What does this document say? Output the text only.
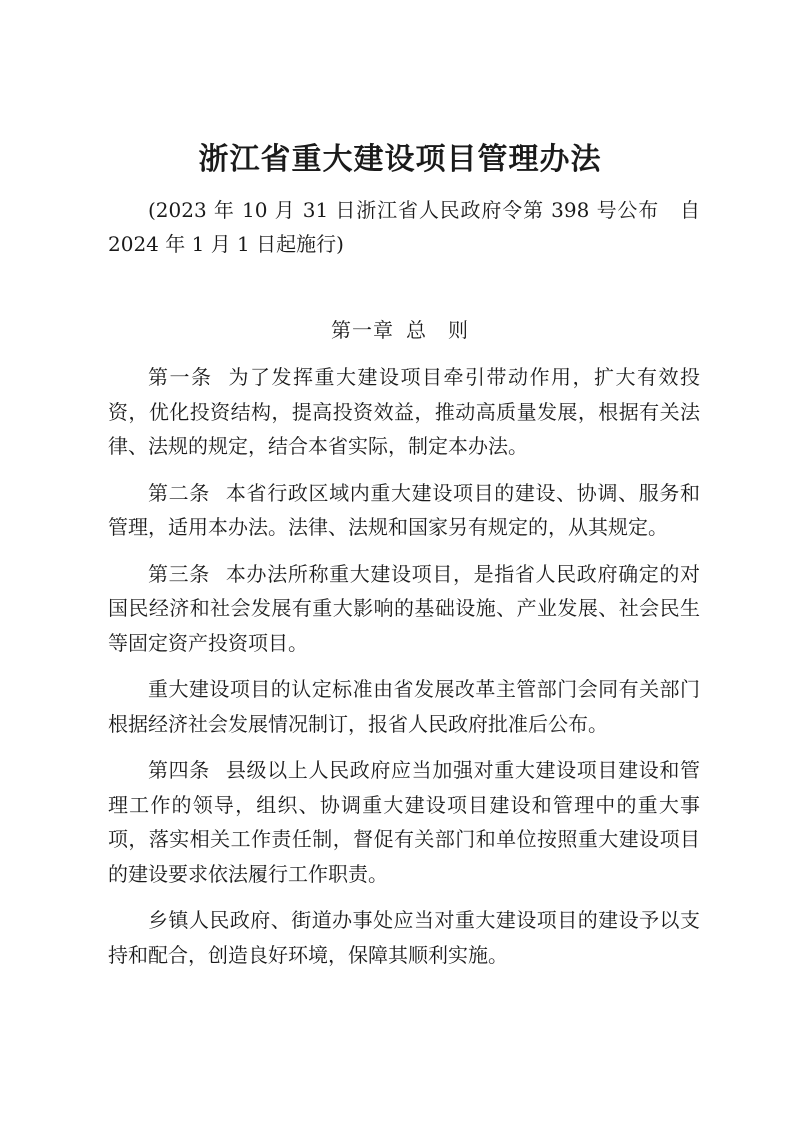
浙江省重大建设项目管理办法

(2023 年 10 月 31 日浙江省人民政府令第 398 号公布　自 2024 年 1 月 1 日起施行)

第一章 总　则

第一条 为了发挥重大建设项目牵引带动作用，扩大有效投资，优化投资结构，提高投资效益，推动高质量发展，根据有关法律、法规的规定，结合本省实际，制定本办法。

第二条 本省行政区域内重大建设项目的建设、协调、服务和管理，适用本办法。法律、法规和国家另有规定的，从其规定。

第三条 本办法所称重大建设项目，是指省人民政府确定的对国民经济和社会发展有重大影响的基础设施、产业发展、社会民生等固定资产投资项目。

重大建设项目的认定标准由省发展改革主管部门会同有关部门根据经济社会发展情况制订，报省人民政府批准后公布。

第四条 县级以上人民政府应当加强对重大建设项目建设和管理工作的领导，组织、协调重大建设项目建设和管理中的重大事项，落实相关工作责任制，督促有关部门和单位按照重大建设项目的建设要求依法履行工作职责。

乡镇人民政府、街道办事处应当对重大建设项目的建设予以支持和配合，创造良好环境，保障其顺利实施。
